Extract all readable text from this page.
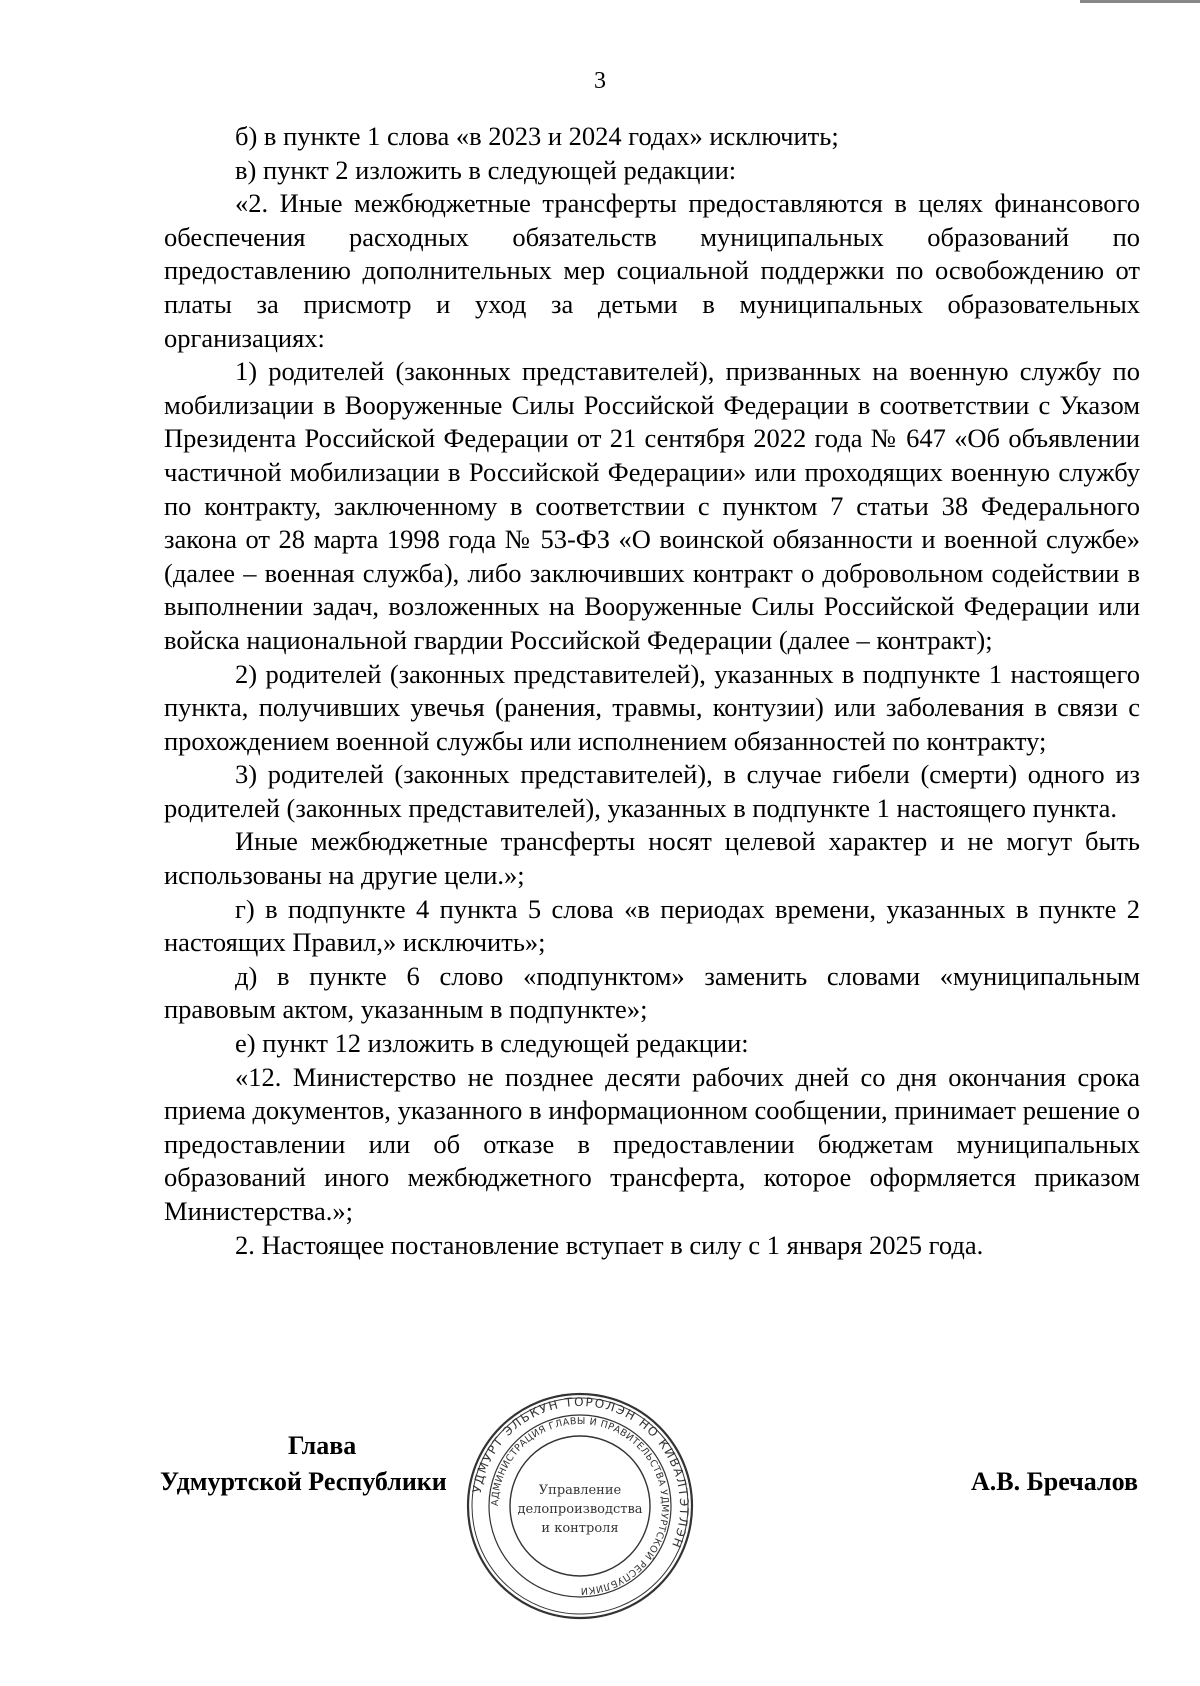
3

б) в пункте 1 слова «в 2023 и 2024 годах» исключить;

в) пункт 2 изложить в следующей редакции:

«2. Иные межбюджетные трансферты предоставляются в целях финансового обеспечения расходных обязательств муниципальных образований по предоставлению дополнительных мер социальной поддержки по освобождению от платы за присмотр и уход за детьми в муниципальных образовательных организациях:

1) родителей (законных представителей), призванных на военную службу по мобилизации в Вооруженные Силы Российской Федерации в соответствии с Указом Президента Российской Федерации от 21 сентября 2022 года № 647 «Об объявлении частичной мобилизации в Российской Федерации» или проходящих военную службу по контракту, заключенному в соответствии с пунктом 7 статьи 38 Федерального закона от 28 марта 1998 года № 53-ФЗ «О воинской обязанности и военной службе» (далее – военная служба), либо заключивших контракт о добровольном содействии в выполнении задач, возложенных на Вооруженные Силы Российской Федерации или войска национальной гвардии Российской Федерации (далее – контракт);

2) родителей (законных представителей), указанных в подпункте 1 настоящего пункта, получивших увечья (ранения, травмы, контузии) или заболевания в связи с прохождением военной службы или исполнением обязанностей по контракту;

3) родителей (законных представителей), в случае гибели (смерти) одного из родителей (законных представителей), указанных в подпункте 1 настоящего пункта.

Иные межбюджетные трансферты носят целевой характер и не могут быть использованы на другие цели.»;

г) в подпункте 4 пункта 5 слова «в периодах времени, указанных в пункте 2 настоящих Правил,» исключить»;

д) в пункте 6 слово «подпунктом» заменить словами «муниципальным правовым актом, указанным в подпункте»;

е) пункт 12 изложить в следующей редакции:

«12. Министерство не позднее десяти рабочих дней со дня окончания срока приема документов, указанного в информационном сообщении, принимает решение о предоставлении или об отказе в предоставлении бюджетам муниципальных образований иного межбюджетного трансферта, которое оформляется приказом Министерства.»;

2. Настоящее постановление вступает в силу с 1 января 2025 года.

Глава
Удмуртской Республики	А.В. Бречалов
УДМУРТ ЭЛЬКУН ТОРОЛЭН НО КИВАЛТЭТЛЭН
АДМИНИСТРАЦИЯ ГЛАВЫ И ПРАВИТЕЛЬСТВА УДМУРТСКОЙ РЕСПУБЛИКИ
Управление
делопроизводства
и контроля
